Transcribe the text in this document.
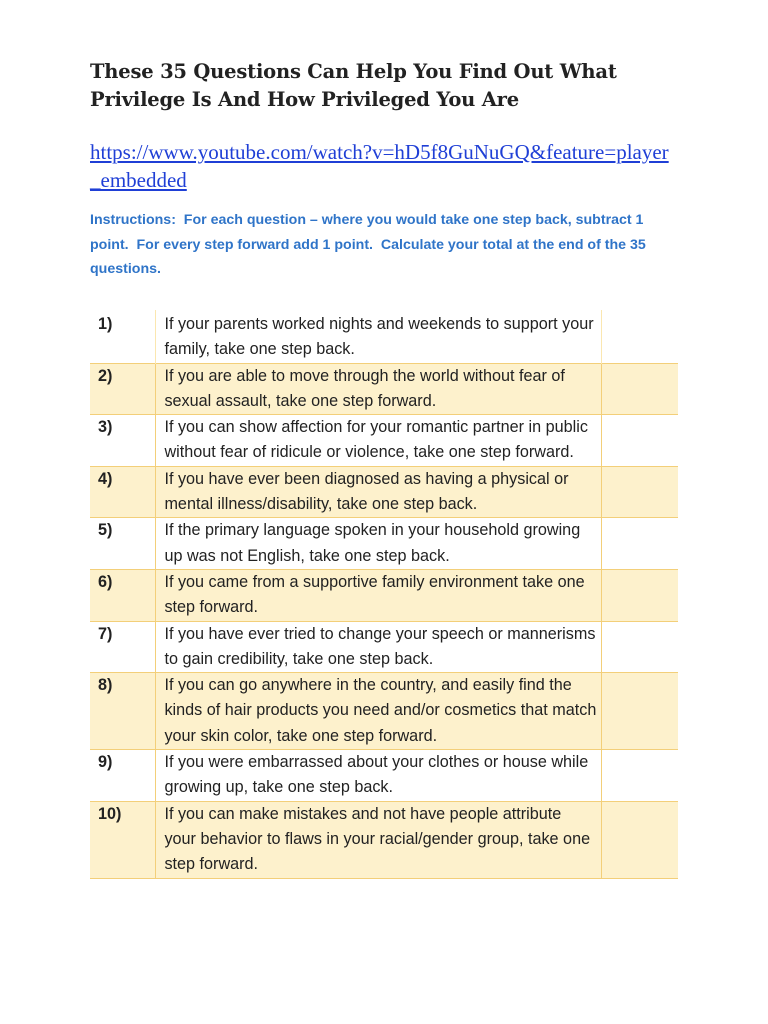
These 35 Questions Can Help You Find Out What Privilege Is And How Privileged You Are
https://www.youtube.com/watch?v=hD5f8GuNuGQ&feature=player_embedded
Instructions:  For each question – where you would take one step back, subtract 1 point.  For every step forward add 1 point.  Calculate your total at the end of the 35 questions.
1)	If your parents worked nights and weekends to support your family, take one step back.	
2)	If you are able to move through the world without fear of sexual assault, take one step forward.	
3)	If you can show affection for your romantic partner in public without fear of ridicule or violence, take one step forward.	
4)	If you have ever been diagnosed as having a physical or mental illness/disability, take one step back.	
5)	If the primary language spoken in your household growing up was not English, take one step back.	
6)	If you came from a supportive family environment take one step forward.	
7)	If you have ever tried to change your speech or mannerisms to gain credibility, take one step back.	
8)	If you can go anywhere in the country, and easily find the kinds of hair products you need and/or cosmetics that match your skin color, take one step forward.	
9)	If you were embarrassed about your clothes or house while growing up, take one step back.	
10)	If you can make mistakes and not have people attribute your behavior to flaws in your racial/gender group, take one step forward.	
